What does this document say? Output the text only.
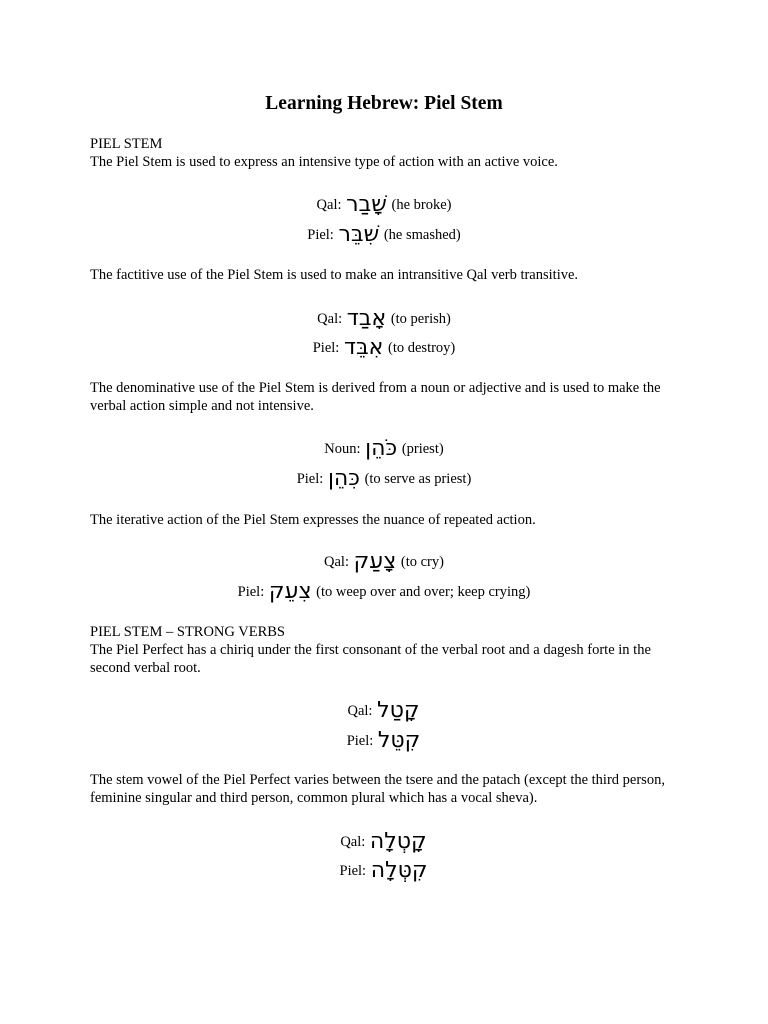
Learning Hebrew: Piel Stem
PIEL STEM
The Piel Stem is used to express an intensive type of action with an active voice.
Qal: שָׁבַר (he broke)
Piel: שִׁבֵּר (he smashed)
The factitive use of the Piel Stem is used to make an intransitive Qal verb transitive.
Qal: אָבַד (to perish)
Piel: אִבֵּד (to destroy)
The denominative use of the Piel Stem is derived from a noun or adjective and is used to make the verbal action simple and not intensive.
Noun: כֹּהֵן (priest)
Piel: כִּהֵן (to serve as priest)
The iterative action of the Piel Stem expresses the nuance of repeated action.
Qal: צָעַק (to cry)
Piel: צִעֵק (to weep over and over; keep crying)
PIEL STEM – STRONG VERBS
The Piel Perfect has a chiriq under the first consonant of the verbal root and a dagesh forte in the second verbal root.
Qal: קָטַל
Piel: קִטֵּל
The stem vowel of the Piel Perfect varies between the tsere and the patach (except the third person, feminine singular and third person, common plural which has a vocal sheva).
Qal: קָטְלָה
Piel: קִטְּלָה
